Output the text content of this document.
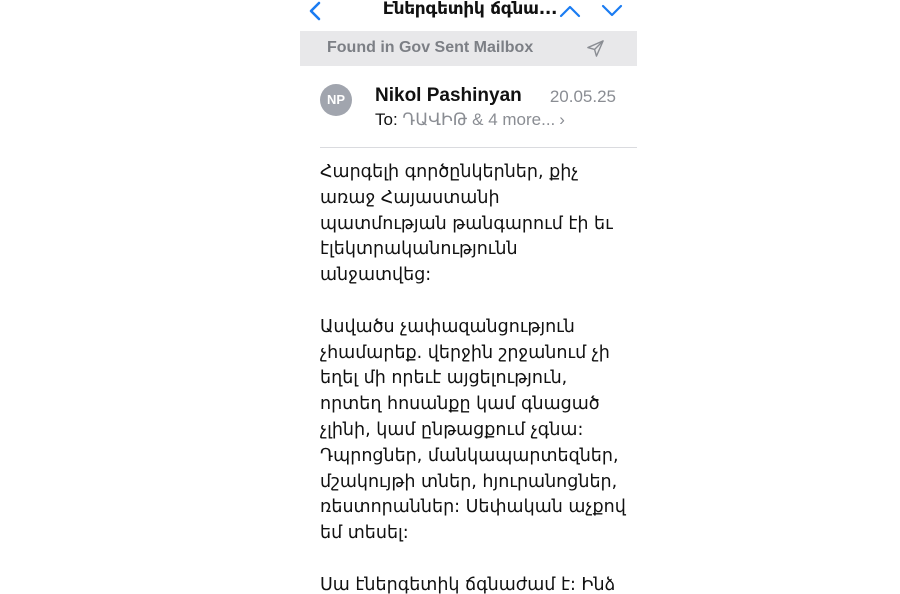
Էներգետիկ ճգնա...
Found in Gov Sent Mailbox
NP	Nikol Pashinyan 20.05.25
To: ԴԱՎԻԹ & 4 more... ›

Հարգելի գործընկերներ, քիչ
առաջ Հայաստանի
պատմության թանգարում էի եւ
էլեկտրականությունն
անջատվեց:

Ասվածս չափազանցություն
չհամարեք. վերջին շրջանում չի
եղել մի որեւէ այցելություն,
որտեղ հոսանքը կամ գնացած
չլինի, կամ ընթացքում չգնա:
Դպրոցներ, մանկապարտեզներ,
մշակույթի տներ, հյուրանոցներ,
ռեստորաններ: Սեփական աչքով
եմ տեսել:

Սա էներգետիկ ճգնաժամ է: Ինձ
